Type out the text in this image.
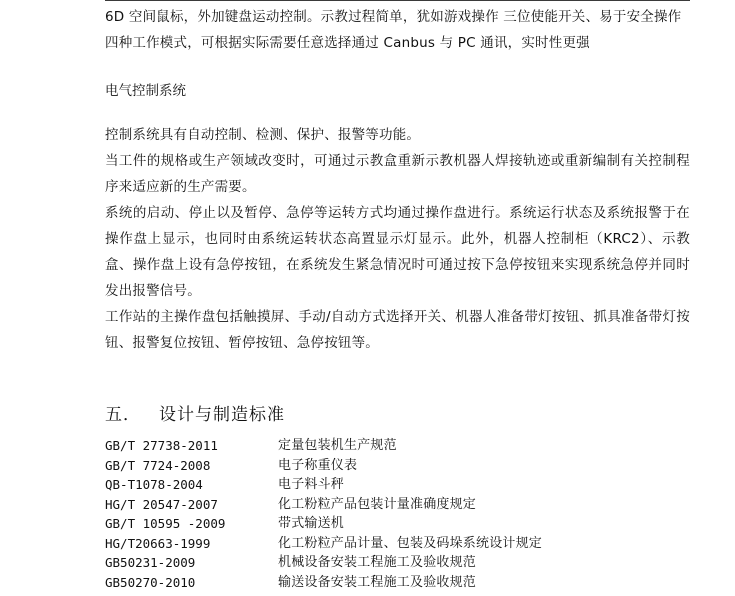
6D 空间鼠标，外加键盘运动控制。示教过程简单，犹如游戏操作 三位使能开关、易于安全操作

四种工作模式，可根据实际需要任意选择通过 Canbus 与 PC 通讯，实时性更强

电气控制系统

控制系统具有自动控制、检测、保护、报警等功能。

当工件的规格或生产领域改变时，可通过示教盒重新示教机器人焊接轨迹或重新编制有关控制程序来适应新的生产需要。

系统的启动、停止以及暂停、急停等运转方式均通过操作盘进行。系统运行状态及系统报警于在操作盘上显示，也同时由系统运转状态高置显示灯显示。此外，机器人控制柜（KRC2）、示教盒、操作盘上设有急停按钮，在系统发生紧急情况时可通过按下急停按钮来实现系统急停并同时发出报警信号。

工作站的主操作盘包括触摸屏、手动/自动方式选择开关、机器人准备带灯按钮、抓具准备带灯按钮、报警复位按钮、暂停按钮、急停按钮等。

五． 设计与制造标准

GB/T 27738-2011	定量包装机生产规范
GB/T 7724-2008	电子称重仪表
QB-T1078-2004	电子料斗秤
HG/T 20547-2007	化工粉粒产品包装计量准确度规定
GB/T 10595 -2009	带式输送机
HG/T20663-1999	化工粉粒产品计量、包装及码垛系统设计规定
GB50231-2009	机械设备安装工程施工及验收规范
GB50270-2010	输送设备安装工程施工及验收规范
